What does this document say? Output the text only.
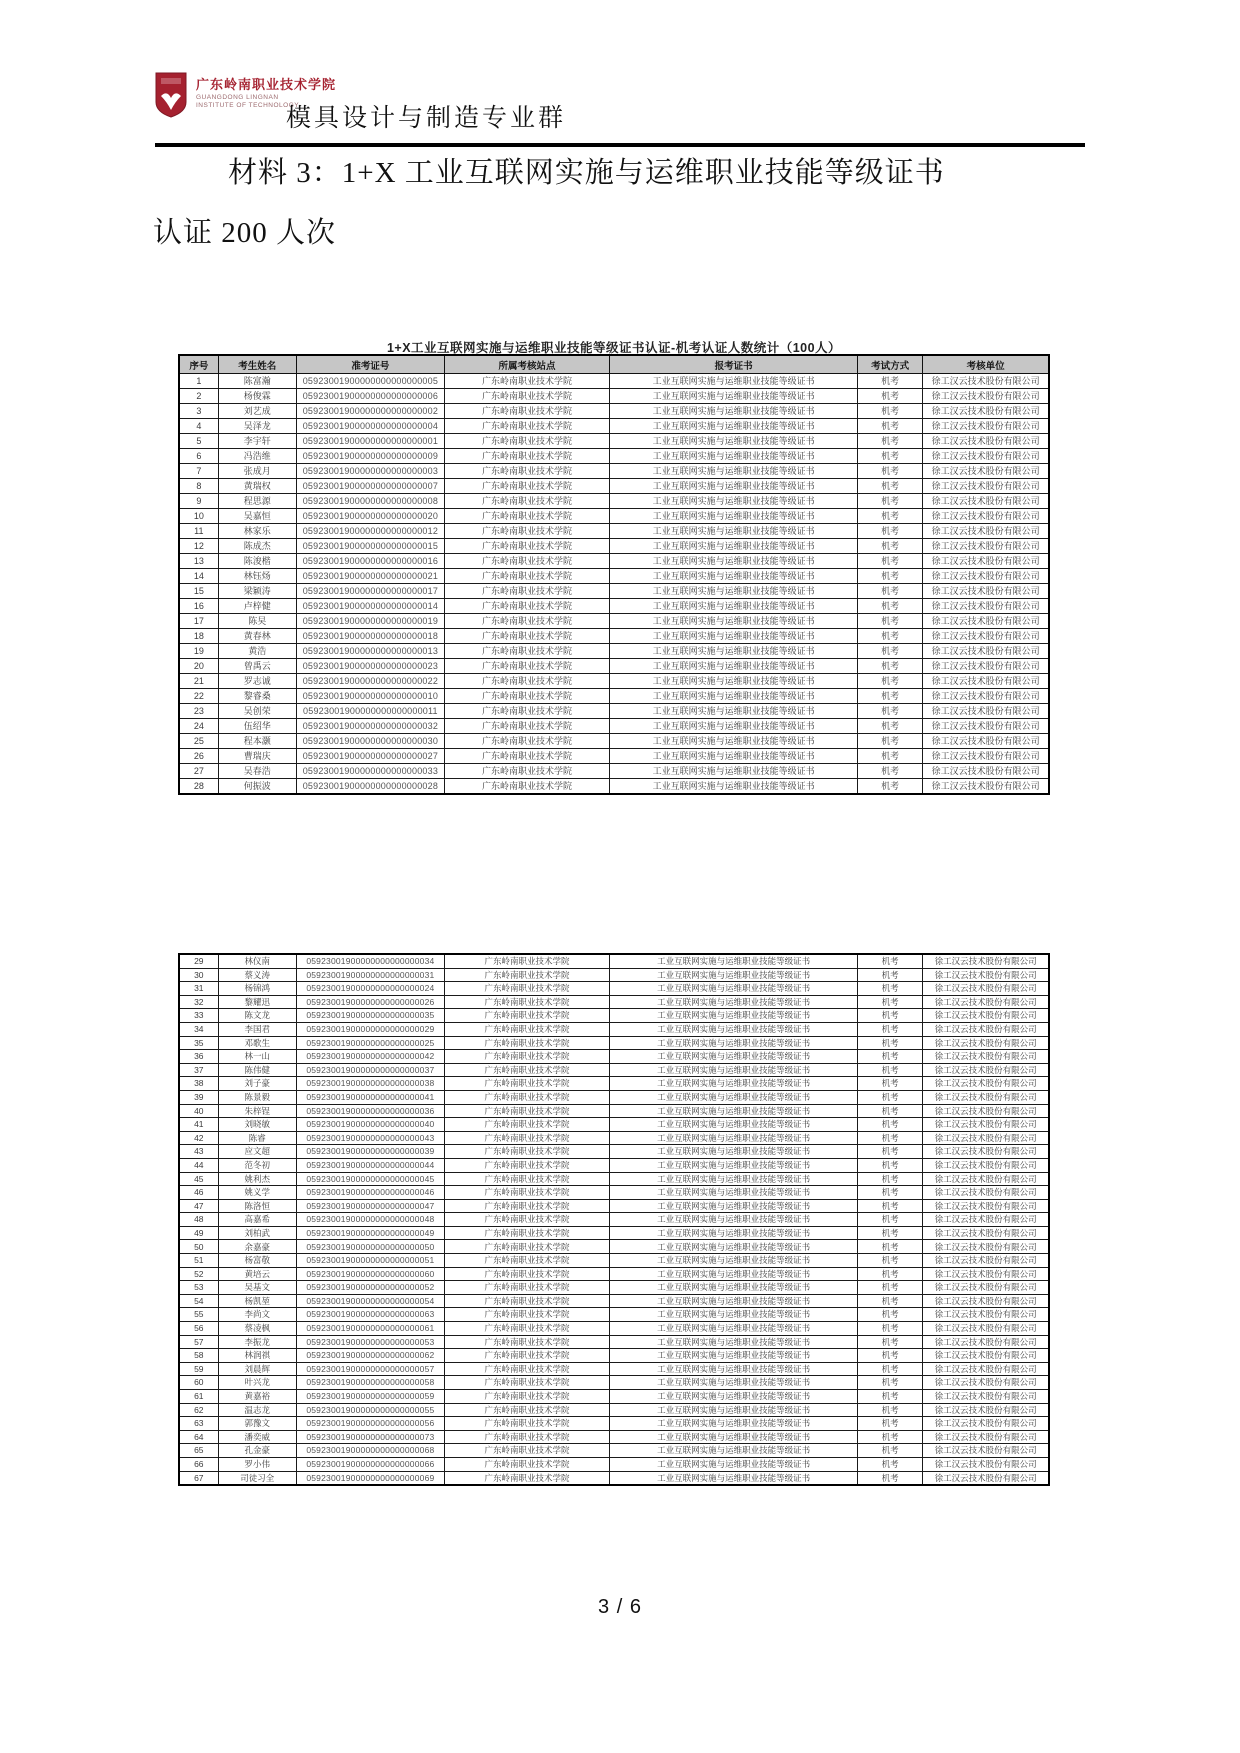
广东岭南职业技术学院
GUANGDONG LINGNAN
INSTITUTE OF TECHNOLOGY
模具设计与制造专业群
材料 3：1+X 工业互联网实施与运维职业技能等级证书
认证 200 人次
1+X工业互联网实施与运维职业技能等级证书认证-机考认证人数统计（100人）
序号	考生姓名	准考证号	所属考核站点	报考证书	考试方式	考核单位
1	陈富瀚	05923001900000000000000005	广东岭南职业技术学院	工业互联网实施与运维职业技能等级证书	机考	徐工汉云技术股份有限公司
2	杨俊霖	05923001900000000000000006	广东岭南职业技术学院	工业互联网实施与运维职业技能等级证书	机考	徐工汉云技术股份有限公司
3	刘艺成	05923001900000000000000002	广东岭南职业技术学院	工业互联网实施与运维职业技能等级证书	机考	徐工汉云技术股份有限公司
4	吴泽龙	05923001900000000000000004	广东岭南职业技术学院	工业互联网实施与运维职业技能等级证书	机考	徐工汉云技术股份有限公司
5	李宇轩	05923001900000000000000001	广东岭南职业技术学院	工业互联网实施与运维职业技能等级证书	机考	徐工汉云技术股份有限公司
6	冯浩维	05923001900000000000000009	广东岭南职业技术学院	工业互联网实施与运维职业技能等级证书	机考	徐工汉云技术股份有限公司
7	张成月	05923001900000000000000003	广东岭南职业技术学院	工业互联网实施与运维职业技能等级证书	机考	徐工汉云技术股份有限公司
8	黄瑞权	05923001900000000000000007	广东岭南职业技术学院	工业互联网实施与运维职业技能等级证书	机考	徐工汉云技术股份有限公司
9	程思源	05923001900000000000000008	广东岭南职业技术学院	工业互联网实施与运维职业技能等级证书	机考	徐工汉云技术股份有限公司
10	吴嘉恒	05923001900000000000000020	广东岭南职业技术学院	工业互联网实施与运维职业技能等级证书	机考	徐工汉云技术股份有限公司
11	林家乐	05923001900000000000000012	广东岭南职业技术学院	工业互联网实施与运维职业技能等级证书	机考	徐工汉云技术股份有限公司
12	陈成杰	05923001900000000000000015	广东岭南职业技术学院	工业互联网实施与运维职业技能等级证书	机考	徐工汉云技术股份有限公司
13	陈浚楷	05923001900000000000000016	广东岭南职业技术学院	工业互联网实施与运维职业技能等级证书	机考	徐工汉云技术股份有限公司
14	林钰炀	05923001900000000000000021	广东岭南职业技术学院	工业互联网实施与运维职业技能等级证书	机考	徐工汉云技术股份有限公司
15	梁颖涛	05923001900000000000000017	广东岭南职业技术学院	工业互联网实施与运维职业技能等级证书	机考	徐工汉云技术股份有限公司
16	卢梓健	05923001900000000000000014	广东岭南职业技术学院	工业互联网实施与运维职业技能等级证书	机考	徐工汉云技术股份有限公司
17	陈旲	05923001900000000000000019	广东岭南职业技术学院	工业互联网实施与运维职业技能等级证书	机考	徐工汉云技术股份有限公司
18	黄春林	05923001900000000000000018	广东岭南职业技术学院	工业互联网实施与运维职业技能等级证书	机考	徐工汉云技术股份有限公司
19	黄浩	05923001900000000000000013	广东岭南职业技术学院	工业互联网实施与运维职业技能等级证书	机考	徐工汉云技术股份有限公司
20	曾禹云	05923001900000000000000023	广东岭南职业技术学院	工业互联网实施与运维职业技能等级证书	机考	徐工汉云技术股份有限公司
21	罗志诚	05923001900000000000000022	广东岭南职业技术学院	工业互联网实施与运维职业技能等级证书	机考	徐工汉云技术股份有限公司
22	黎睿桑	05923001900000000000000010	广东岭南职业技术学院	工业互联网实施与运维职业技能等级证书	机考	徐工汉云技术股份有限公司
23	吴创荣	05923001900000000000000011	广东岭南职业技术学院	工业互联网实施与运维职业技能等级证书	机考	徐工汉云技术股份有限公司
24	伍绍华	05923001900000000000000032	广东岭南职业技术学院	工业互联网实施与运维职业技能等级证书	机考	徐工汉云技术股份有限公司
25	程本灏	05923001900000000000000030	广东岭南职业技术学院	工业互联网实施与运维职业技能等级证书	机考	徐工汉云技术股份有限公司
26	曹瑞庆	05923001900000000000000027	广东岭南职业技术学院	工业互联网实施与运维职业技能等级证书	机考	徐工汉云技术股份有限公司
27	吴春浩	05923001900000000000000033	广东岭南职业技术学院	工业互联网实施与运维职业技能等级证书	机考	徐工汉云技术股份有限公司
28	何振波	05923001900000000000000028	广东岭南职业技术学院	工业互联网实施与运维职业技能等级证书	机考	徐工汉云技术股份有限公司
29	林仪南	05923001900000000000000034	广东岭南职业技术学院	工业互联网实施与运维职业技能等级证书	机考	徐工汉云技术股份有限公司
30	蔡义涛	05923001900000000000000031	广东岭南职业技术学院	工业互联网实施与运维职业技能等级证书	机考	徐工汉云技术股份有限公司
31	杨锦鸿	05923001900000000000000024	广东岭南职业技术学院	工业互联网实施与运维职业技能等级证书	机考	徐工汉云技术股份有限公司
32	黎耀迅	05923001900000000000000026	广东岭南职业技术学院	工业互联网实施与运维职业技能等级证书	机考	徐工汉云技术股份有限公司
33	陈文龙	05923001900000000000000035	广东岭南职业技术学院	工业互联网实施与运维职业技能等级证书	机考	徐工汉云技术股份有限公司
34	李国君	05923001900000000000000029	广东岭南职业技术学院	工业互联网实施与运维职业技能等级证书	机考	徐工汉云技术股份有限公司
35	邓歌生	05923001900000000000000025	广东岭南职业技术学院	工业互联网实施与运维职业技能等级证书	机考	徐工汉云技术股份有限公司
36	林一山	05923001900000000000000042	广东岭南职业技术学院	工业互联网实施与运维职业技能等级证书	机考	徐工汉云技术股份有限公司
37	陈伟健	05923001900000000000000037	广东岭南职业技术学院	工业互联网实施与运维职业技能等级证书	机考	徐工汉云技术股份有限公司
38	刘子豪	05923001900000000000000038	广东岭南职业技术学院	工业互联网实施与运维职业技能等级证书	机考	徐工汉云技术股份有限公司
39	陈景毅	05923001900000000000000041	广东岭南职业技术学院	工业互联网实施与运维职业技能等级证书	机考	徐工汉云技术股份有限公司
40	朱梓锃	05923001900000000000000036	广东岭南职业技术学院	工业互联网实施与运维职业技能等级证书	机考	徐工汉云技术股份有限公司
41	刘晓敏	05923001900000000000000040	广东岭南职业技术学院	工业互联网实施与运维职业技能等级证书	机考	徐工汉云技术股份有限公司
42	陈睿	05923001900000000000000043	广东岭南职业技术学院	工业互联网实施与运维职业技能等级证书	机考	徐工汉云技术股份有限公司
43	应文超	05923001900000000000000039	广东岭南职业技术学院	工业互联网实施与运维职业技能等级证书	机考	徐工汉云技术股份有限公司
44	范冬初	05923001900000000000000044	广东岭南职业技术学院	工业互联网实施与运维职业技能等级证书	机考	徐工汉云技术股份有限公司
45	姚利杰	05923001900000000000000045	广东岭南职业技术学院	工业互联网实施与运维职业技能等级证书	机考	徐工汉云技术股份有限公司
46	姚义学	05923001900000000000000046	广东岭南职业技术学院	工业互联网实施与运维职业技能等级证书	机考	徐工汉云技术股份有限公司
47	陈洛恒	05923001900000000000000047	广东岭南职业技术学院	工业互联网实施与运维职业技能等级证书	机考	徐工汉云技术股份有限公司
48	高嘉希	05923001900000000000000048	广东岭南职业技术学院	工业互联网实施与运维职业技能等级证书	机考	徐工汉云技术股份有限公司
49	刘柏武	05923001900000000000000049	广东岭南职业技术学院	工业互联网实施与运维职业技能等级证书	机考	徐工汉云技术股份有限公司
50	余嘉豪	05923001900000000000000050	广东岭南职业技术学院	工业互联网实施与运维职业技能等级证书	机考	徐工汉云技术股份有限公司
51	杨富敬	05923001900000000000000051	广东岭南职业技术学院	工业互联网实施与运维职业技能等级证书	机考	徐工汉云技术股份有限公司
52	黄培云	05923001900000000000000060	广东岭南职业技术学院	工业互联网实施与运维职业技能等级证书	机考	徐工汉云技术股份有限公司
53	吴基文	05923001900000000000000052	广东岭南职业技术学院	工业互联网实施与运维职业技能等级证书	机考	徐工汉云技术股份有限公司
54	杨凯堃	05923001900000000000000054	广东岭南职业技术学院	工业互联网实施与运维职业技能等级证书	机考	徐工汉云技术股份有限公司
55	李尚文	05923001900000000000000063	广东岭南职业技术学院	工业互联网实施与运维职业技能等级证书	机考	徐工汉云技术股份有限公司
56	蔡凌枫	05923001900000000000000061	广东岭南职业技术学院	工业互联网实施与运维职业技能等级证书	机考	徐工汉云技术股份有限公司
57	李振龙	05923001900000000000000053	广东岭南职业技术学院	工业互联网实施与运维职业技能等级证书	机考	徐工汉云技术股份有限公司
58	林润祺	05923001900000000000000062	广东岭南职业技术学院	工业互联网实施与运维职业技能等级证书	机考	徐工汉云技术股份有限公司
59	刘晨辉	05923001900000000000000057	广东岭南职业技术学院	工业互联网实施与运维职业技能等级证书	机考	徐工汉云技术股份有限公司
60	叶兴龙	05923001900000000000000058	广东岭南职业技术学院	工业互联网实施与运维职业技能等级证书	机考	徐工汉云技术股份有限公司
61	黄嘉裕	05923001900000000000000059	广东岭南职业技术学院	工业互联网实施与运维职业技能等级证书	机考	徐工汉云技术股份有限公司
62	温志龙	05923001900000000000000055	广东岭南职业技术学院	工业互联网实施与运维职业技能等级证书	机考	徐工汉云技术股份有限公司
63	郭豫文	05923001900000000000000056	广东岭南职业技术学院	工业互联网实施与运维职业技能等级证书	机考	徐工汉云技术股份有限公司
64	潘奕威	05923001900000000000000073	广东岭南职业技术学院	工业互联网实施与运维职业技能等级证书	机考	徐工汉云技术股份有限公司
65	孔金豪	05923001900000000000000068	广东岭南职业技术学院	工业互联网实施与运维职业技能等级证书	机考	徐工汉云技术股份有限公司
66	罗小伟	05923001900000000000000066	广东岭南职业技术学院	工业互联网实施与运维职业技能等级证书	机考	徐工汉云技术股份有限公司
67	司徒习全	05923001900000000000000069	广东岭南职业技术学院	工业互联网实施与运维职业技能等级证书	机考	徐工汉云技术股份有限公司
3 / 6
